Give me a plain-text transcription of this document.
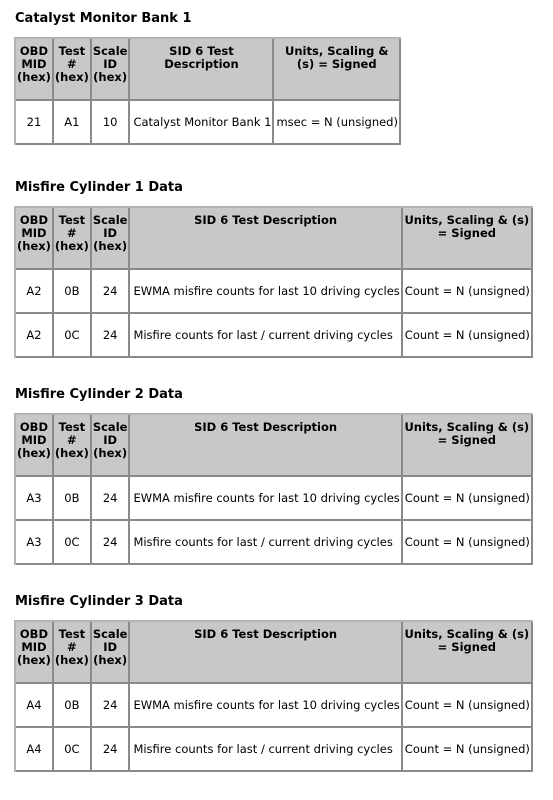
Catalyst Monitor Bank 1
OBD MID (hex)	Test # (hex)	Scale ID (hex)	SID 6 Test Description	Units, Scaling & (s) = Signed
21	A1	10	Catalyst Monitor Bank 1	msec = N (unsigned)
Misfire Cylinder 1 Data
OBD MID (hex)	Test # (hex)	Scale ID (hex)	SID 6 Test Description	Units, Scaling & (s) = Signed
A2	0B	24	EWMA misfire counts for last 10 driving cycles	Count = N (unsigned)
A2	0C	24	Misfire counts for last / current driving cycles	Count = N (unsigned)
Misfire Cylinder 2 Data
OBD MID (hex)	Test # (hex)	Scale ID (hex)	SID 6 Test Description	Units, Scaling & (s) = Signed
A3	0B	24	EWMA misfire counts for last 10 driving cycles	Count = N (unsigned)
A3	0C	24	Misfire counts for last / current driving cycles	Count = N (unsigned)
Misfire Cylinder 3 Data
OBD MID (hex)	Test # (hex)	Scale ID (hex)	SID 6 Test Description	Units, Scaling & (s) = Signed
A4	0B	24	EWMA misfire counts for last 10 driving cycles	Count = N (unsigned)
A4	0C	24	Misfire counts for last / current driving cycles	Count = N (unsigned)
